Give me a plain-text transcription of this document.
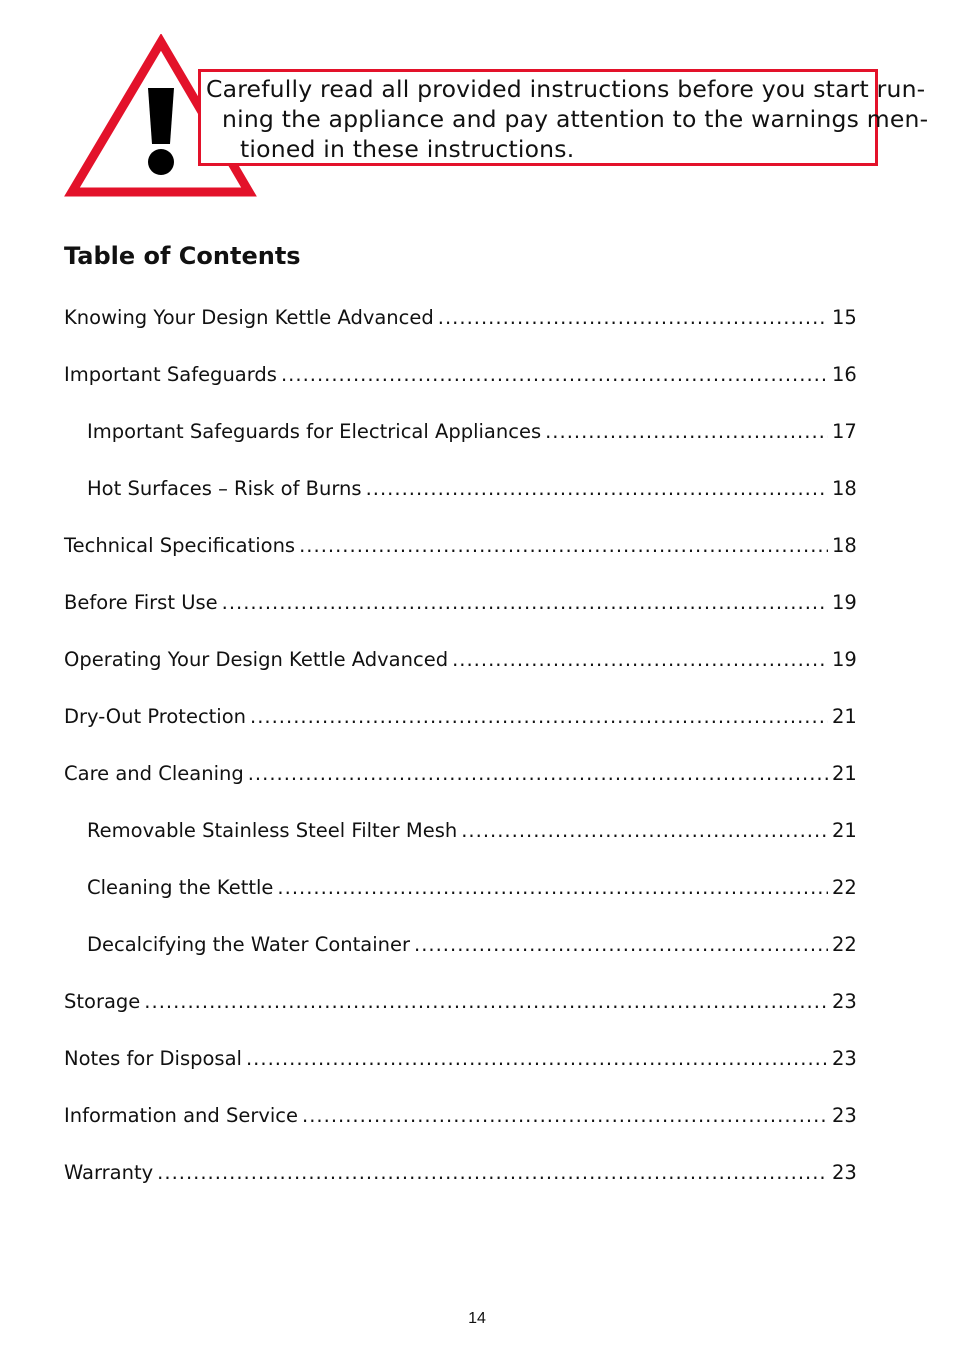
Carefully read all provided instructions before you start run-
ning the appliance and pay attention to the warnings men-
tioned in these instructions.
Table of Contents
Knowing Your Design Kettle Advanced .....	15
Important Safeguards .....	16
Important Safeguards for Electrical Appliances .....	17
Hot Surfaces – Risk of Burns .....	18
Technical Specifications .....	18
Before First Use .....	19
Operating Your Design Kettle Advanced .....	19
Dry-Out Protection .....	21
Care and Cleaning .....	21
Removable Stainless Steel Filter Mesh .....	21
Cleaning the Kettle .....	22
Decalcifying the Water Container .....	22
Storage .....	23
Notes for Disposal .....	23
Information and Service .....	23
Warranty .....	23
14
